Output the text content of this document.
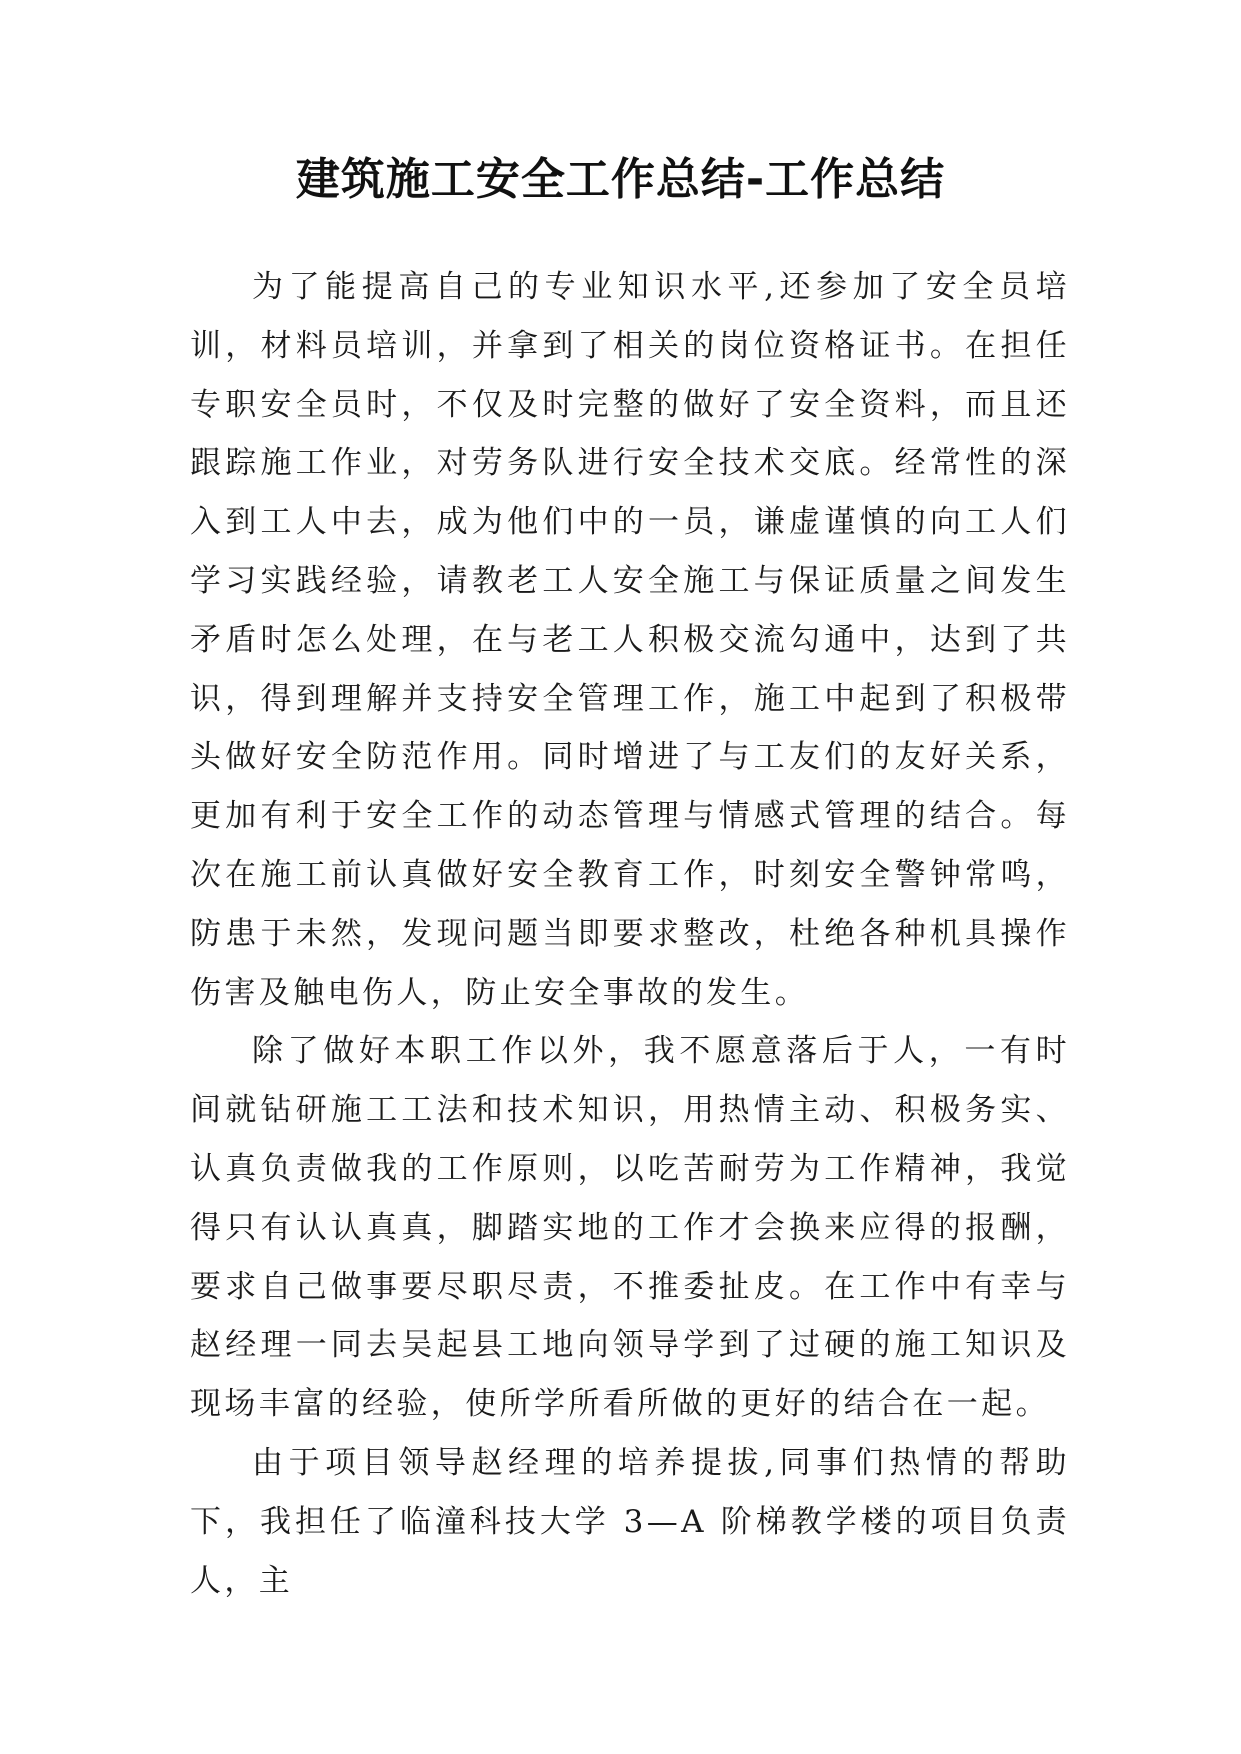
建筑施工安全工作总结-工作总结

为了能提高自己的专业知识水平,还参加了安全员培训，材料员培训，并拿到了相关的岗位资格证书。在担任专职安全员时，不仅及时完整的做好了安全资料，而且还跟踪施工作业，对劳务队进行安全技术交底。经常性的深入到工人中去，成为他们中的一员，谦虚谨慎的向工人们学习实践经验，请教老工人安全施工与保证质量之间发生矛盾时怎么处理，在与老工人积极交流勾通中，达到了共识，得到理解并支持安全管理工作，施工中起到了积极带头做好安全防范作用。同时增进了与工友们的友好关系，更加有利于安全工作的动态管理与情感式管理的结合。每次在施工前认真做好安全教育工作，时刻安全警钟常鸣，防患于未然，发现问题当即要求整改，杜绝各种机具操作伤害及触电伤人，防止安全事故的发生。

除了做好本职工作以外，我不愿意落后于人，一有时间就钻研施工工法和技术知识，用热情主动、积极务实、认真负责做我的工作原则，以吃苦耐劳为工作精神，我觉得只有认认真真，脚踏实地的工作才会换来应得的报酬，要求自己做事要尽职尽责，不推委扯皮。在工作中有幸与赵经理一同去吴起县工地向领导学到了过硬的施工知识及现场丰富的经验，使所学所看所做的更好的结合在一起。

由于项目领导赵经理的培养提拔,同事们热情的帮助下，我担任了临潼科技大学 3—A 阶梯教学楼的项目负责人，主
